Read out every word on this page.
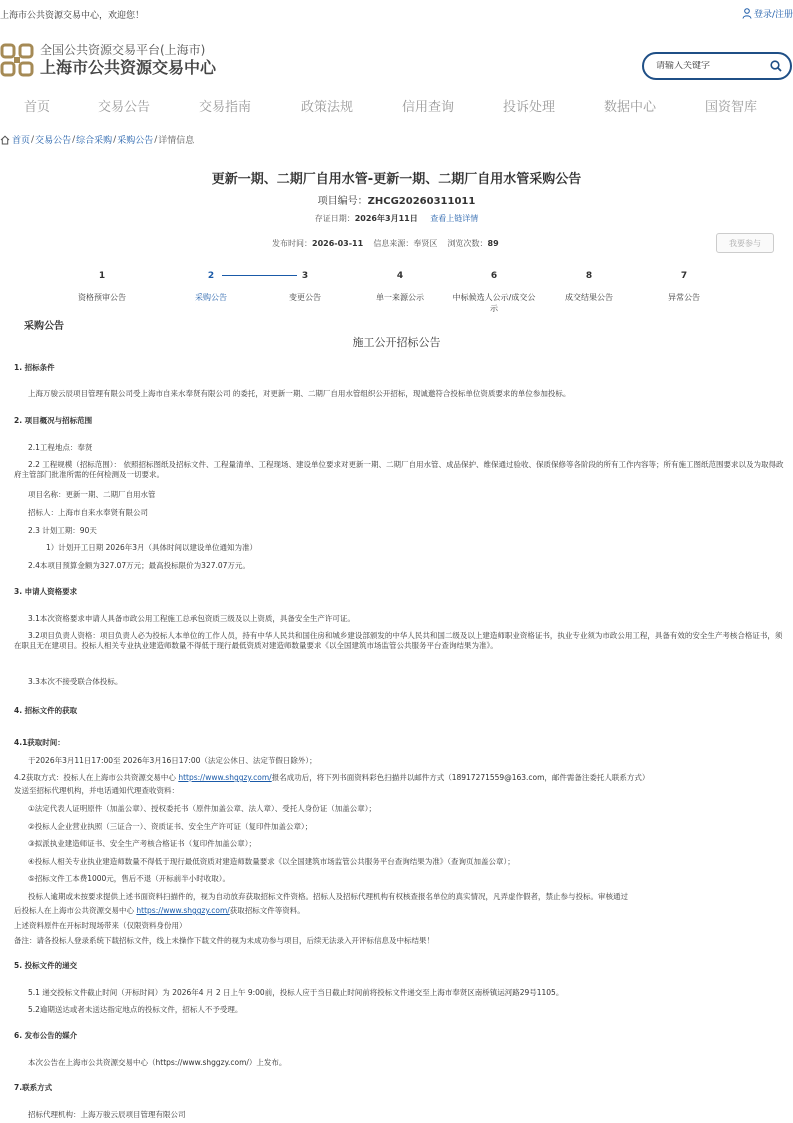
上海市公共资源交易中心，欢迎您！	登录/注册
全国公共资源交易平台(上海市)
上海市公共资源交易中心
请输入关键字
首页	交易公告	交易指南	政策法规	信用查询	投诉处理	数据中心	国资智库
首页 / 交易公告 / 综合采购 / 采购公告 / 详情信息
更新一期、二期厂自用水管-更新一期、二期厂自用水管采购公告
项目编号：ZHCG20260311011
存证日期：2026年3月11日 查看上链详情
发布时间：2026-03-11 信息来源：奉贤区 浏览次数：89	我要参与
1
资格预审公告
2
采购公告
3
变更公告
4
单一来源公示
6
中标候选人公示/成交公示
8
成交结果公告
7
异常公告
采购公告
施工公开招标公告
1. 招标条件
上海万骏云辰项目管理有限公司受上海市自来水奉贤有限公司 的委托，对更新一期、二期厂自用水管组织公开招标，现诚邀符合投标单位资质要求的单位参加投标。
2. 项目概况与招标范围
2.1工程地点：奉贤
2.2 工程规模（招标范围）： 依照招标图纸及招标文件、工程量清单、工程现场、建设单位要求对更新一期、二期厂自用水管、成品保护、维保通过验收、保质保修等各阶段的所有工作内容等；所有施工图纸范围要求以及为取得政府主管部门批准所需的任何检测及一切要求。
项目名称：更新一期、二期厂自用水管
招标人：上海市自来水奉贤有限公司
2.3 计划工期：90天
1）计划开工日期 2026年3月（具体时间以建设单位通知为准）
2.4本项目预算金额为327.07万元；最高投标限价为327.07万元。
3. 申请人资格要求
3.1本次资格要求申请人具备市政公用工程施工总承包资质三级及以上资质，具备安全生产许可证。
3.2项目负责人资格：项目负责人必为投标人本单位的工作人员，持有中华人民共和国住房和城乡建设部颁发的中华人民共和国二级及以上建造师职业资格证书，执业专业须为市政公用工程，具备有效的安全生产考核合格证书，须在职且无在建项目。投标人相关专业执业建造师数量不得低于现行最低资质对建造师数量要求《以全国建筑市场监管公共服务平台查询结果为准》。
3.3本次不接受联合体投标。
4. 招标文件的获取
4.1获取时间：
于2026年3月11日17:00至 2026年3月16日17:00（法定公休日、法定节假日除外）；
4.2获取方式：投标人在上海市公共资源交易中心 https://www.shggzy.com/报名成功后，将下列书面资料彩色扫描并以邮件方式（18917271559@163.com，邮件需备注委托人联系方式）
发送至招标代理机构，并电话通知代理查收资料：
①法定代表人证明原件（加盖公章）、授权委托书（原件加盖公章、法人章）、受托人身份证（加盖公章）；
②投标人企业营业执照（三证合一）、资质证书、安全生产许可证（复印件加盖公章）；
③拟派执业建造师证书、安全生产考核合格证书（复印件加盖公章）；
④投标人相关专业执业建造师数量不得低于现行最低资质对建造师数量要求《以全国建筑市场监管公共服务平台查询结果为准》（查询页加盖公章）；
⑤招标文件工本费1000元，售后不退（开标前半小时收取）。
投标人逾期或未按要求提供上述书面资料扫描件的，视为自动放弃获取招标文件资格。招标人及招标代理机构有权核查报名单位的真实情况，凡弄虚作假者，禁止参与投标。审核通过
后投标人在上海市公共资源交易中心 https://www.shggzy.com/获取招标文件等资料。
上述资料原件在开标时现场带来（仅限资料身份用）
备注：请各投标人登录系统下载招标文件，线上未操作下载文件的视为未成功参与项目，后续无法录入开评标信息及中标结果！
5. 投标文件的递交
5.1 递交投标文件截止时间（开标时间）为 2026年4 月 2 日上午 9:00前，投标人应于当日截止时间前将投标文件递交至上海市奉贤区南桥镇运河路29号1105。
5.2逾期送达或者未送达指定地点的投标文件，招标人不予受理。
6. 发布公告的媒介
本次公告在上海市公共资源交易中心（https://www.shggzy.com/）上发布。
7.联系方式
招标代理机构：上海万骏云辰项目管理有限公司
